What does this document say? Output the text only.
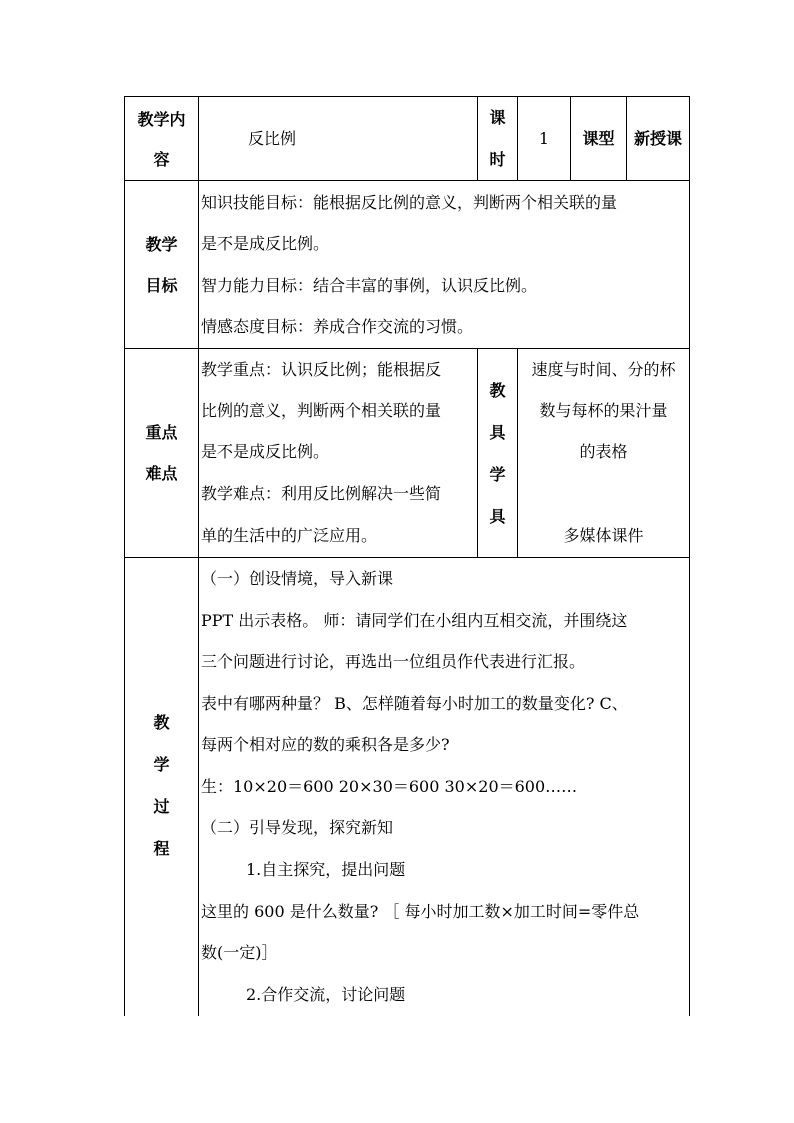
教学内
容
反比例
课
时
1	课型	新授课
教学
目标
知识技能目标：能根据反比例的意义，判断两个相关联的量
是不是成反比例。
智力能力目标：结合丰富的事例，认识反比例。
情感态度目标：养成合作交流的习惯。
重点
难点
教学重点：认识反比例；能根据反
比例的意义，判断两个相关联的量
是不是成反比例。
教学难点：利用反比例解决一些简
单的生活中的广泛应用。
教
具
学
具
速度与时间、分的杯
数与每杯的果汁量
的表格
多媒体课件
教
学
过
程
（一）创设情境，导入新课
PPT 出示表格。 师：请同学们在小组内互相交流，并围绕这
三个问题进行讨论，再选出一位组员作代表进行汇报。
表中有哪两种量？ B、怎样随着每小时加工的数量变化? C、
每两个相对应的数的乘积各是多少?
生：10×20＝600 20×30＝600 30×20＝600……
（二）引导发现，探究新知
1.自主探究，提出问题
这里的 600 是什么数量? ［ 每小时加工数×加工时间=零件总
数(一定)］
2.合作交流，讨论问题
